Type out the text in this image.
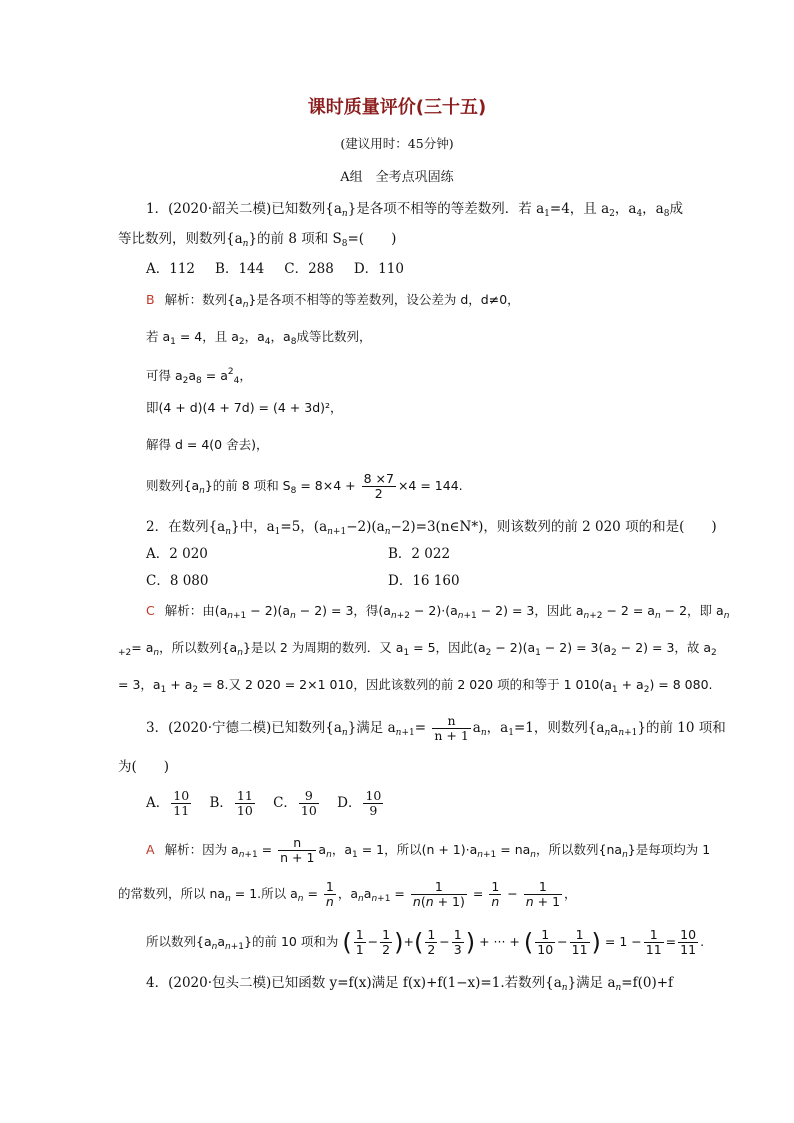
课时质量评价(三十五)
(建议用时：45分钟)
A组　全考点巩固练
1．(2020·韶关二模)已知数列$\{a_n\}$是各项不相等的等差数列．若 $a_1=4$，且 $a_2$，$a_4$，$a_8$成
等比数列，则数列$\{a_n\}$的前 8 项和 $S_8=$(　　)
A．112 B．144 C．288 D．110
B 解析：数列$\{a_n\}$是各项不相等的等差数列，设公差为 d，d≠0，
若 $a_1 = 4$，且 $a_2$，$a_4$，$a_8$成等比数列，
可得 $a_2a_8 = a^2_4$，
即(4 + d)(4 + 7d) = (4 + 3d)²，
解得 d = 4(0 舍去)，
则数列$\{a_n\}$的前 8 项和 $S_8 = 8\times 4 + \frac{8 \times 7}{2} \times 4 = 144$.
2．在数列$\{a_n\}$中，$a_1=5$，$(a_{n+1}-2)(a_n-2)=3(n\in N*)$，则该数列的前 2 020 项的和是(　　)
A．2 020	B．2 022
C．8 080	D．16 160
C 解析：由$(a_{n+1} - 2)(a_n - 2) = 3$，得$(a_{n+2} - 2)\cdot(a_{n+1} - 2) = 3$，因此 $a_{n+2} - 2 = a_n - 2$，即 $a_n$
$_{+2}= a_n$，所以数列$\{a_n\}$是以 2 为周期的数列．又 $a_1 = 5$，因此$(a_2 - 2)(a_1 - 2) = 3(a_2 - 2) = 3$，故 $a_2$
= 3，$a_1 + a_2 = 8$.又 2 020 = 2×1 010，因此该数列的前 2 020 项的和等于 1 $010(a_1 + a_2) = 8$ 080.
3．(2020·宁德二模)已知数列$\{a_n\}$满足 $a_{n+1}= \frac{n}{n + 1} a_n$，$a_1=1$，则数列$\{a_na_{n+1}\}$的前 10 项和
为(　　)
A． $\frac{10}{11}$ B． $\frac{11}{10}$ C． $\frac{9}{10}$ D． $\frac{10}{9}$
A 解析：因为 $a_{n+1} = \frac{n}{n + 1} a_n$，$a_1 = 1$，所以$(n + 1)\cdot a_{n+1} = na_n$，所以数列$\{na_n\}$是每项均为 1
的常数列，所以 $na_n = 1$.所以 $a_n = \frac{1}{n}$ ，$a_na_{n+1} = \frac{1}{n(n + 1)} = \frac{1}{n} - \frac{1}{n + 1}$ ，
所以数列$\{a_na_{n+1}\}$的前 10 项和为 ( $\frac{1}{1} - \frac{1}{2}$ )+( $\frac{1}{2} - \frac{1}{3}$ ) + ··· + ( $\frac{1}{10} - \frac{1}{11}$ ) = $1 - \frac{1}{11} = \frac{10}{11}$ .
4．(2020·包头二模)已知函数 y=f(x)满足 f(x)+f(1−x)=1.若数列$\{a_n\}$满足 $a_n=f(0)+f$
